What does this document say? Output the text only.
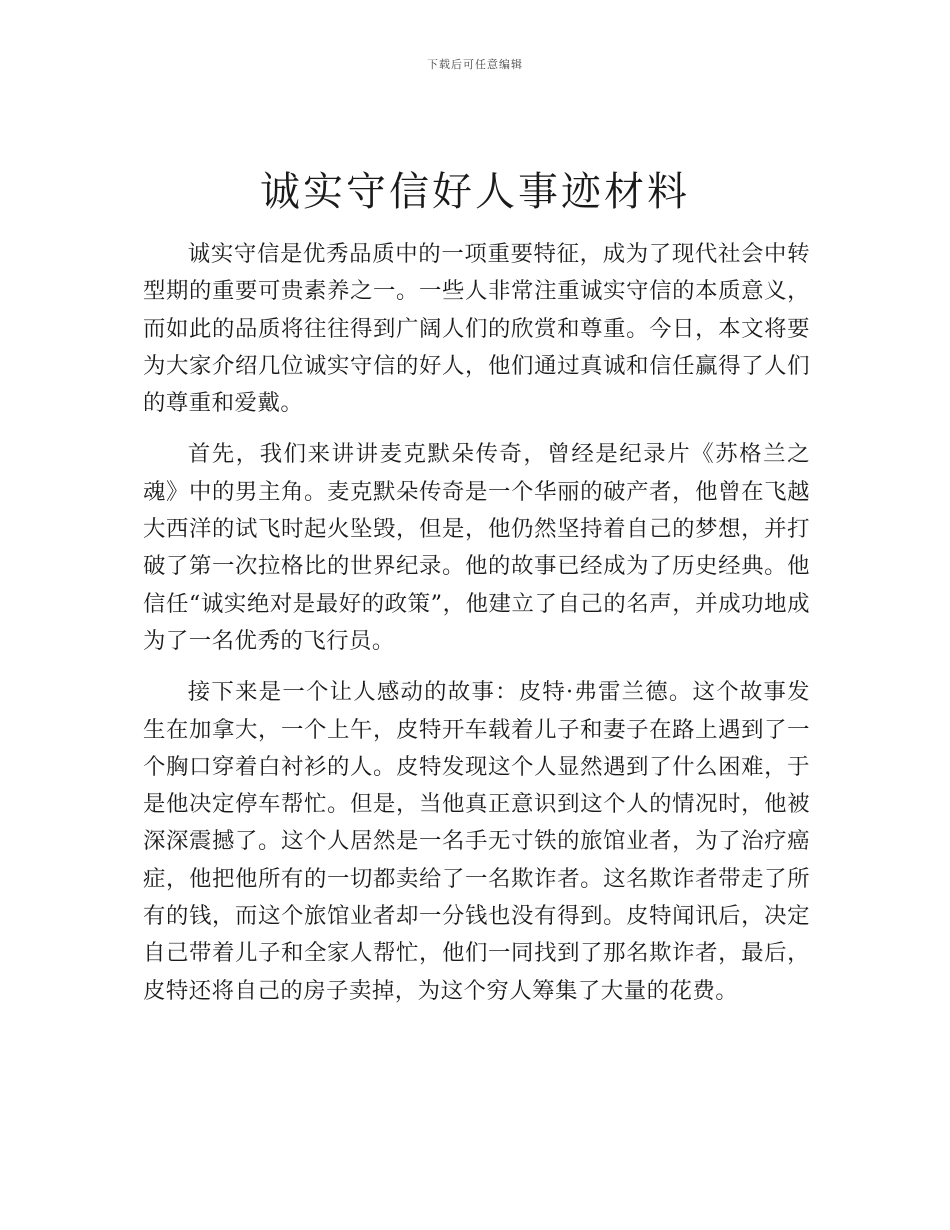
下载后可任意编辑
诚实守信好人事迹材料

诚实守信是优秀品质中的一项重要特征，成为了现代社会中转型期的重要可贵素养之一。一些人非常注重诚实守信的本质意义，而如此的品质将往往得到广阔人们的欣赏和尊重。今日，本文将要为大家介绍几位诚实守信的好人，他们通过真诚和信任赢得了人们的尊重和爱戴。

首先，我们来讲讲麦克默朵传奇，曾经是纪录片《苏格兰之魂》中的男主角。麦克默朵传奇是一个华丽的破产者，他曾在飞越大西洋的试飞时起火坠毁，但是，他仍然坚持着自己的梦想，并打破了第一次拉格比的世界纪录。他的故事已经成为了历史经典。他信任“诚实绝对是最好的政策”，他建立了自己的名声，并成功地成为了一名优秀的飞行员。

接下来是一个让人感动的故事：皮特·弗雷兰德。这个故事发生在加拿大，一个上午，皮特开车载着儿子和妻子在路上遇到了一个胸口穿着白衬衫的人。皮特发现这个人显然遇到了什么困难，于是他决定停车帮忙。但是，当他真正意识到这个人的情况时，他被深深震撼了。这个人居然是一名手无寸铁的旅馆业者，为了治疗癌症，他把他所有的一切都卖给了一名欺诈者。这名欺诈者带走了所有的钱，而这个旅馆业者却一分钱也没有得到。皮特闻讯后，决定自己带着儿子和全家人帮忙，他们一同找到了那名欺诈者，最后，皮特还将自己的房子卖掉，为这个穷人筹集了大量的花费。
